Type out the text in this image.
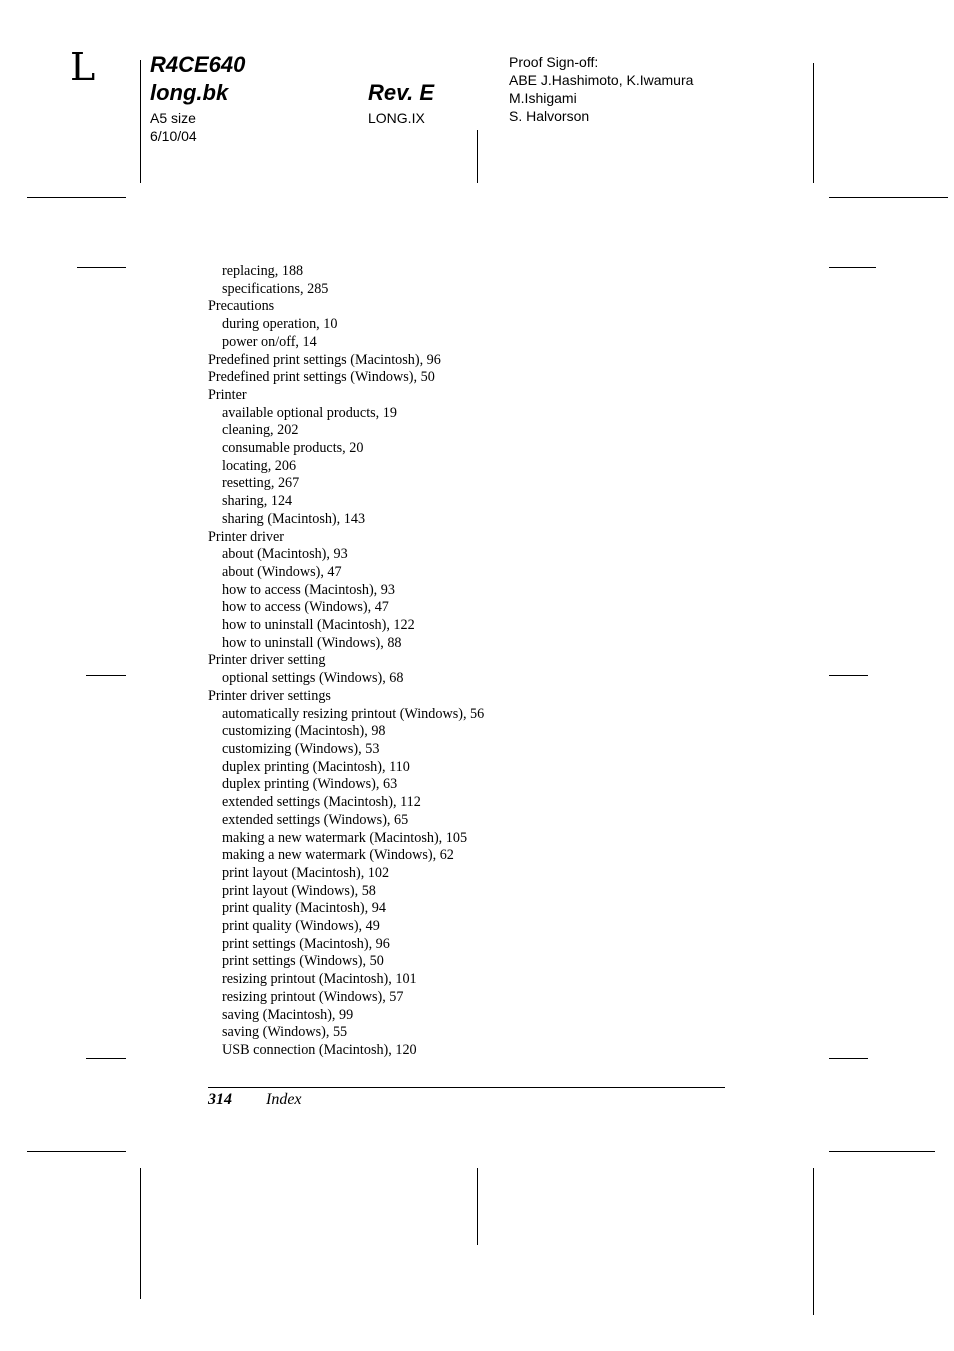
L R4CE640
long.bk	Rev. E
A5 size
6/10/04
LONG.IX
Proof Sign-off:
ABE J.Hashimoto, K.Iwamura
M.Ishigami
S. Halvorson
replacing, 188
specifications, 285
Precautions
during operation, 10
power on/off, 14
Predefined print settings (Macintosh), 96
Predefined print settings (Windows), 50
Printer
available optional products, 19
cleaning, 202
consumable products, 20
locating, 206
resetting, 267
sharing, 124
sharing (Macintosh), 143
Printer driver
about (Macintosh), 93
about (Windows), 47
how to access (Macintosh), 93
how to access (Windows), 47
how to uninstall (Macintosh), 122
how to uninstall (Windows), 88
Printer driver setting
optional settings (Windows), 68
Printer driver settings
automatically resizing printout (Windows), 56
customizing (Macintosh), 98
customizing (Windows), 53
duplex printing (Macintosh), 110
duplex printing (Windows), 63
extended settings (Macintosh), 112
extended settings (Windows), 65
making a new watermark (Macintosh), 105
making a new watermark (Windows), 62
print layout (Macintosh), 102
print layout (Windows), 58
print quality (Macintosh), 94
print quality (Windows), 49
print settings (Macintosh), 96
print settings (Windows), 50
resizing printout (Macintosh), 101
resizing printout (Windows), 57
saving (Macintosh), 99
saving (Windows), 55
USB connection (Macintosh), 120
314 Index
